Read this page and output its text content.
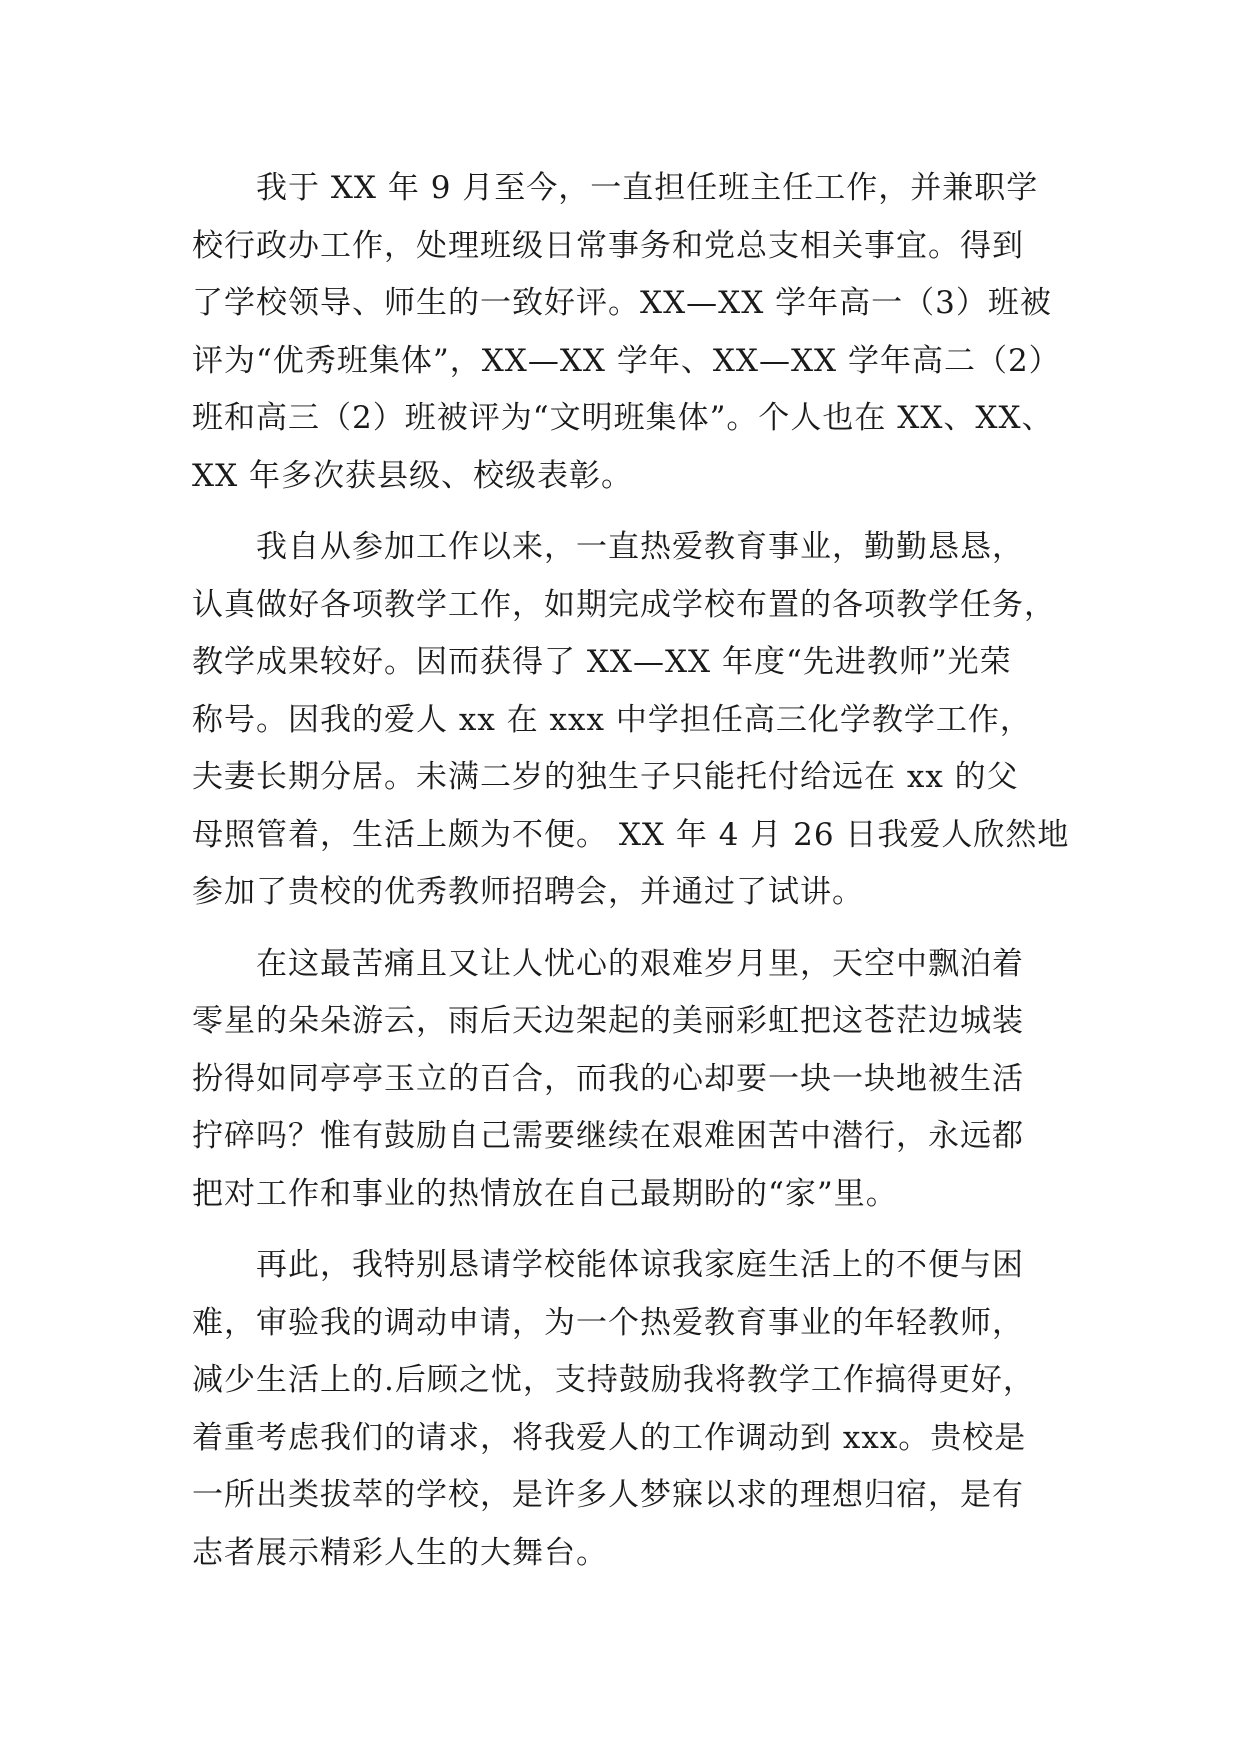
我于 XX 年 9 月至今，一直担任班主任工作，并兼职学
校行政办工作，处理班级日常事务和党总支相关事宜。得到
了学校领导、师生的一致好评。XX—XX 学年高一（3）班被
评为“优秀班集体”，XX—XX 学年、XX—XX 学年高二（2）
班和高三（2）班被评为“文明班集体”。个人也在 XX、XX、
XX 年多次获县级、校级表彰。
我自从参加工作以来，一直热爱教育事业，勤勤恳恳，
认真做好各项教学工作，如期完成学校布置的各项教学任务，
教学成果较好。因而获得了 XX—XX 年度“先进教师”光荣
称号。因我的爱人 xx 在 xxx 中学担任高三化学教学工作，
夫妻长期分居。未满二岁的独生子只能托付给远在 xx 的父
母照管着，生活上颇为不便。 XX 年 4 月 26 日我爱人欣然地
参加了贵校的优秀教师招聘会，并通过了试讲。
在这最苦痛且又让人忧心的艰难岁月里，天空中飘泊着
零星的朵朵游云，雨后天边架起的美丽彩虹把这苍茫边城装
扮得如同亭亭玉立的百合，而我的心却要一块一块地被生活
拧碎吗？惟有鼓励自己需要继续在艰难困苦中潜行，永远都
把对工作和事业的热情放在自己最期盼的“家”里。
再此，我特别恳请学校能体谅我家庭生活上的不便与困
难，审验我的调动申请，为一个热爱教育事业的年轻教师，
减少生活上的.后顾之忧，支持鼓励我将教学工作搞得更好，
着重考虑我们的请求，将我爱人的工作调动到 xxx。贵校是
一所出类拔萃的学校，是许多人梦寐以求的理想归宿，是有
志者展示精彩人生的大舞台。
